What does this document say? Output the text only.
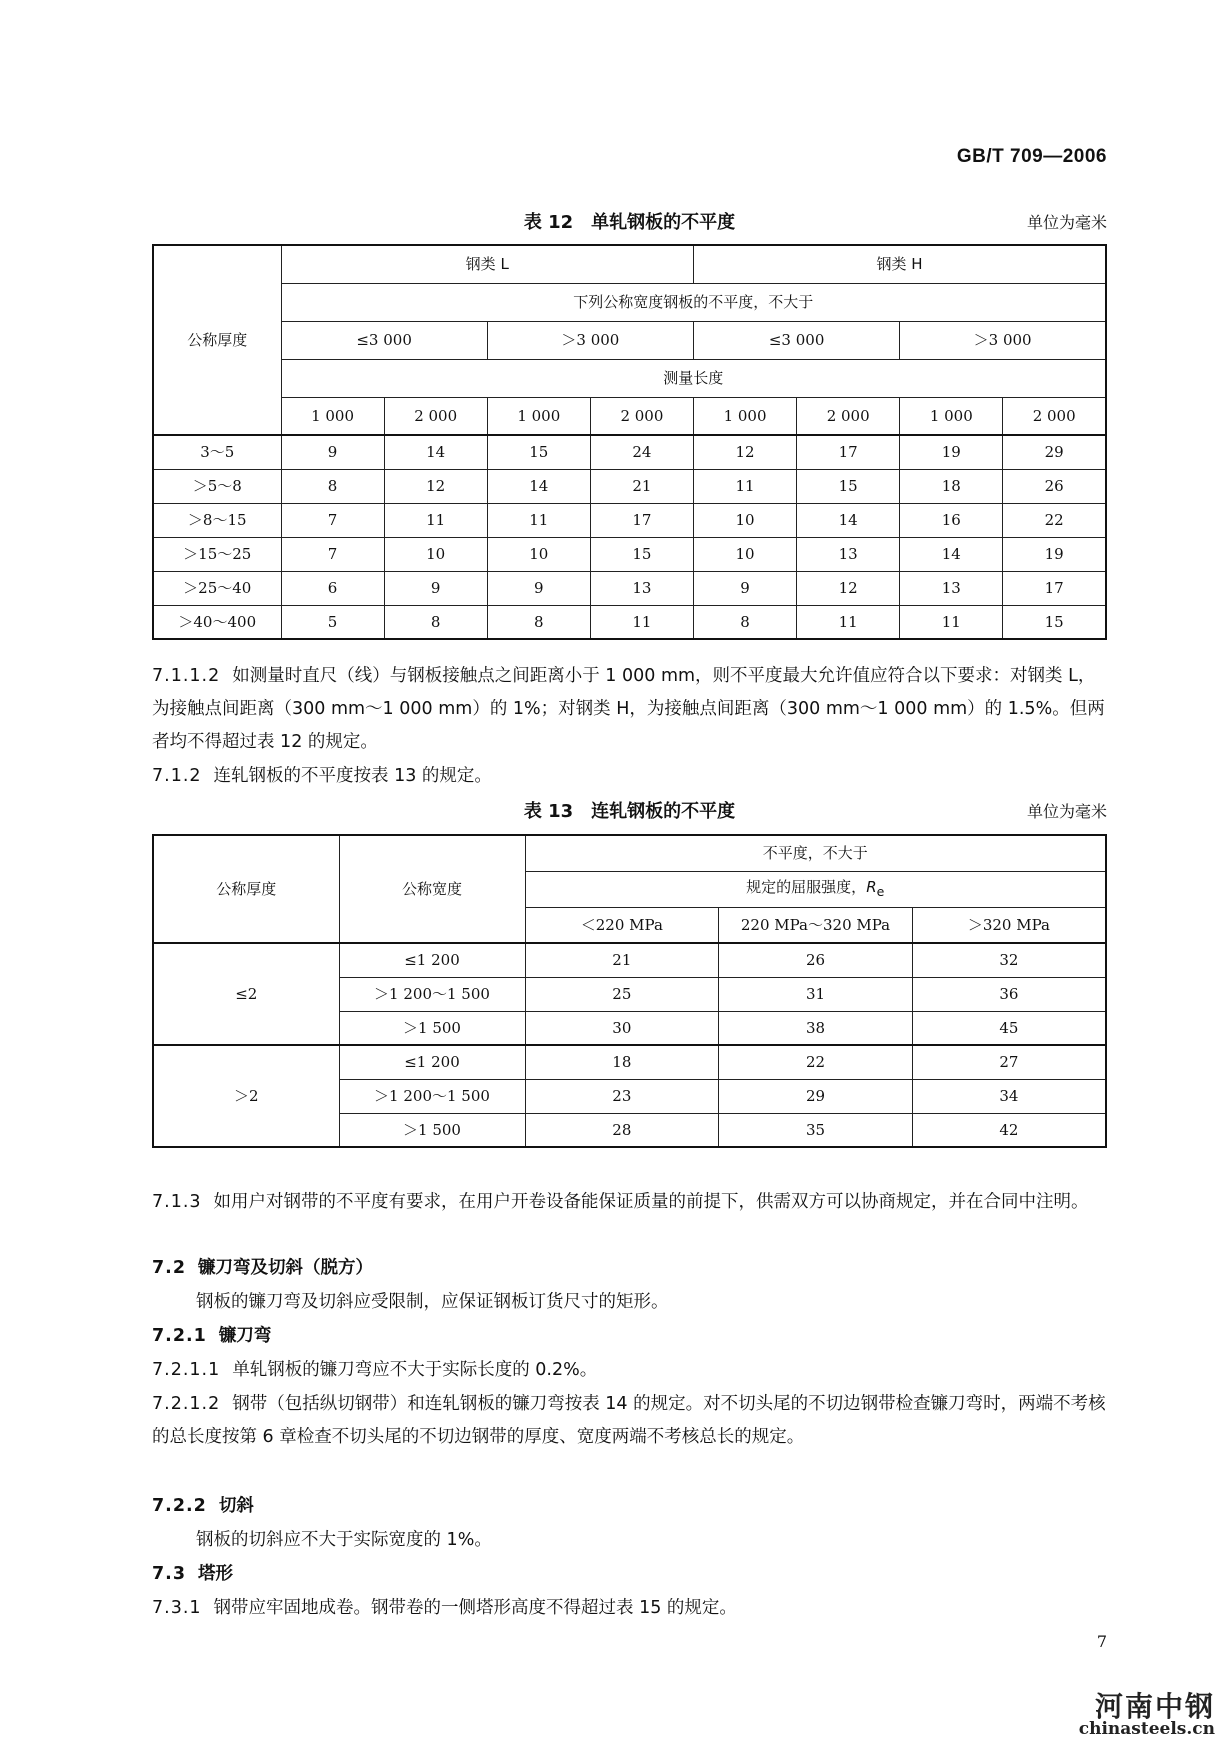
GB/T 709—2006
表 12　单轧钢板的不平度	单位为毫米
公称厚度	钢类 L				钢类 H			
	下列公称宽度钢板的不平度，不大于							
	≤3 000		＞3 000		≤3 000		＞3 000	
	测量长度							
	1 000	2 000	1 000	2 000	1 000	2 000	1 000	2 000
3～5	9	14	15	24	12	17	19	29
＞5～8	8	12	14	21	11	15	18	26
＞8～15	7	11	11	17	10	14	16	22
＞15～25	7	10	10	15	10	13	14	19
＞25～40	6	9	9	13	9	12	13	17
＞40～400	5	8	8	11	8	11	11	15
7.1.1.2 如测量时直尺（线）与钢板接触点之间距离小于 1 000 mm，则不平度最大允许值应符合以下要求：对钢类 L，为接触点间距离（300 mm～1 000 mm）的 1%；对钢类 H，为接触点间距离（300 mm～1 000 mm）的 1.5%。但两者均不得超过表 12 的规定。
7.1.2 连轧钢板的不平度按表 13 的规定。
表 13　连轧钢板的不平度	单位为毫米
公称厚度	公称宽度	不平度，不大于		
		规定的屈服强度，$R_e$
		＜220 MPa	220 MPa～320 MPa	＞320 MPa
≤2	≤1 200	21	26	32
	＞1 200～1 500	25	31	36
	＞1 500	30	38	45
＞2	≤1 200	18	22	27
	＞1 200～1 500	23	29	34
	＞1 500	28	35	42
7.1.3 如用户对钢带的不平度有要求，在用户开卷设备能保证质量的前提下，供需双方可以协商规定，并在合同中注明。
7.2 镰刀弯及切斜（脱方）
钢板的镰刀弯及切斜应受限制，应保证钢板订货尺寸的矩形。
7.2.1 镰刀弯
7.2.1.1 单轧钢板的镰刀弯应不大于实际长度的 0.2%。
7.2.1.2 钢带（包括纵切钢带）和连轧钢板的镰刀弯按表 14 的规定。对不切头尾的不切边钢带检查镰刀弯时，两端不考核的总长度按第 6 章检查不切头尾的不切边钢带的厚度、宽度两端不考核总长的规定。
7.2.2 切斜
钢板的切斜应不大于实际宽度的 1%。
7.3 塔形
7.3.1 钢带应牢固地成卷。钢带卷的一侧塔形高度不得超过表 15 的规定。
7
河南中钢
chinasteels.cn
